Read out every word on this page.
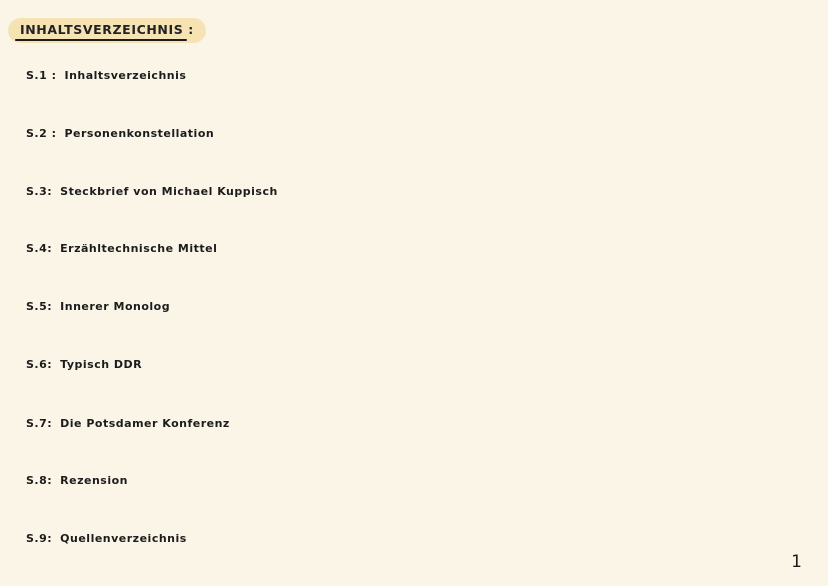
INHALTSVERZEICHNIS :
S.1 : Inhaltsverzeichnis
S.2 : Personenkonstellation
S.3: Steckbrief von Michael Kuppisch
S.4: Erzähltechnische Mittel
S.5: Innerer Monolog
S.6: Typisch DDR
S.7: Die Potsdamer Konferenz
S.8: Rezension
S.9: Quellenverzeichnis
1
